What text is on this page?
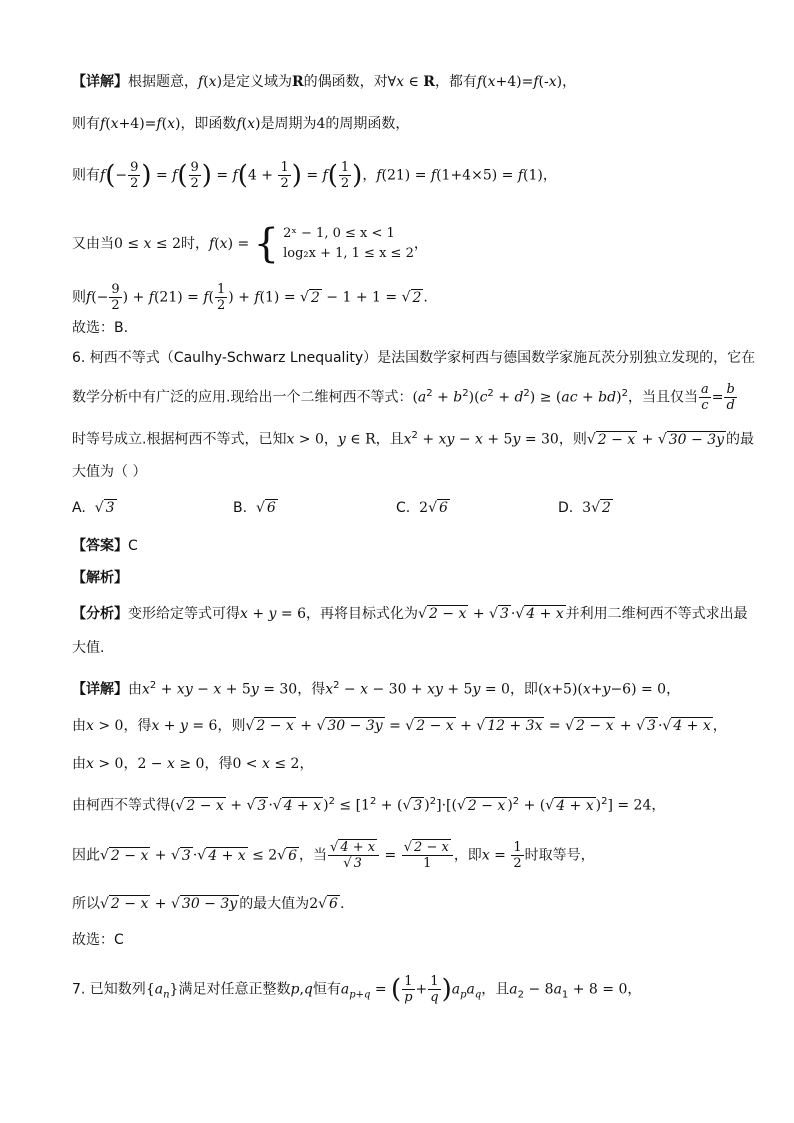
【详解】根据题意，f(x)是定义域为R的偶函数，对∀x ∈ R，都有f(x+4)=f(-x)，
则有f(x+4)=f(x)，即函数f(x)是周期为4的周期函数，
则有$f(- \frac{9}{2}$ ) = $f( \frac{9}{2}$ ) = $f(4 + \frac{1}{2}$ ) = $f( \frac{1}{2}$ )，f(21) = f(1+4×5) = f(1)，
又由当0 ≤ x ≤ 2时，f(x) = { 2ˣ − 1, 0 ≤ x < 1
log₂x + 1, 1 ≤ x ≤ 2
，
则$f(- \frac{9}{2}$ ) + $f(21) = f( \frac{1}{2}$ ) + f(1) = √ 2 − 1 + 1 = √ 2 .
故选：B.
6. 柯西不等式（Caulhy-Schwarz Lnequality）是法国数学家柯西与德国数学家施瓦茨分别独立发现的，它在
数学分析中有广泛的应用.现给出一个二维柯西不等式：$(a^2 + b^2)(c^2 + d^2) \ge (ac + bd)^2$，当且仅当 $\frac{a}{c} = \frac{b}{d}$
时等号成立.根据柯西不等式，已知x > 0，y ∈ R，且$x^2$ + xy − x + 5y = 30，则√ 2 − x + √ 30 − 3y 的最
大值为（ ）
A. √ 3	B. √ 6	C. 2√ 6	D. 3√ 2
【答案】C
【解析】
【分析】变形给定等式可得x + y = 6，再将目标式化为√ 2 − x + √ 3 ·√ 4 + x 并利用二维柯西不等式求出最
大值.
【详解】由$x^2$ + xy − x + 5y = 30，得$x^2 - x - 30$ + xy + 5y = 0，即(x+5)(x+y−6) = 0，
由x > 0，得x + y = 6，则√ 2 − x + √ 30 − 3y = √ 2 − x + √ 12 + 3x = √ 2 − x + √ 3 ·√ 4 + x ，
由x > 0，2 − x ≥ 0，得0 < x ≤ 2，
由柯西不等式得(√ 2 − x + √ 3 ·√ 4 + x )$^2 \le [1^2$ + (√ 3 )$^2$]·[(√ 2 − x )$^2$ + (√ 4 + x )$^2$] = 24，
因此√ 2 − x + √ 3 ·√ 4 + x ≤ 2√ 6 ，当 $\frac{√ 4 + x}{√ 3} = \frac{√ 2 - x}{1}$ ，即$x = \frac{1}{2}$ 时取等号，
所以√ 2 − x + √ 30 − 3y 的最大值为2√ 6 .
故选：C
7. 已知数列$\{a_n\}$满足对任意正整数p,q恒有$a_{p+q}$ = ( $\frac{1}{p} + \frac{1}{q} )a_pa_q$，且$a_2 - 8a_1 + 8 = 0$，
